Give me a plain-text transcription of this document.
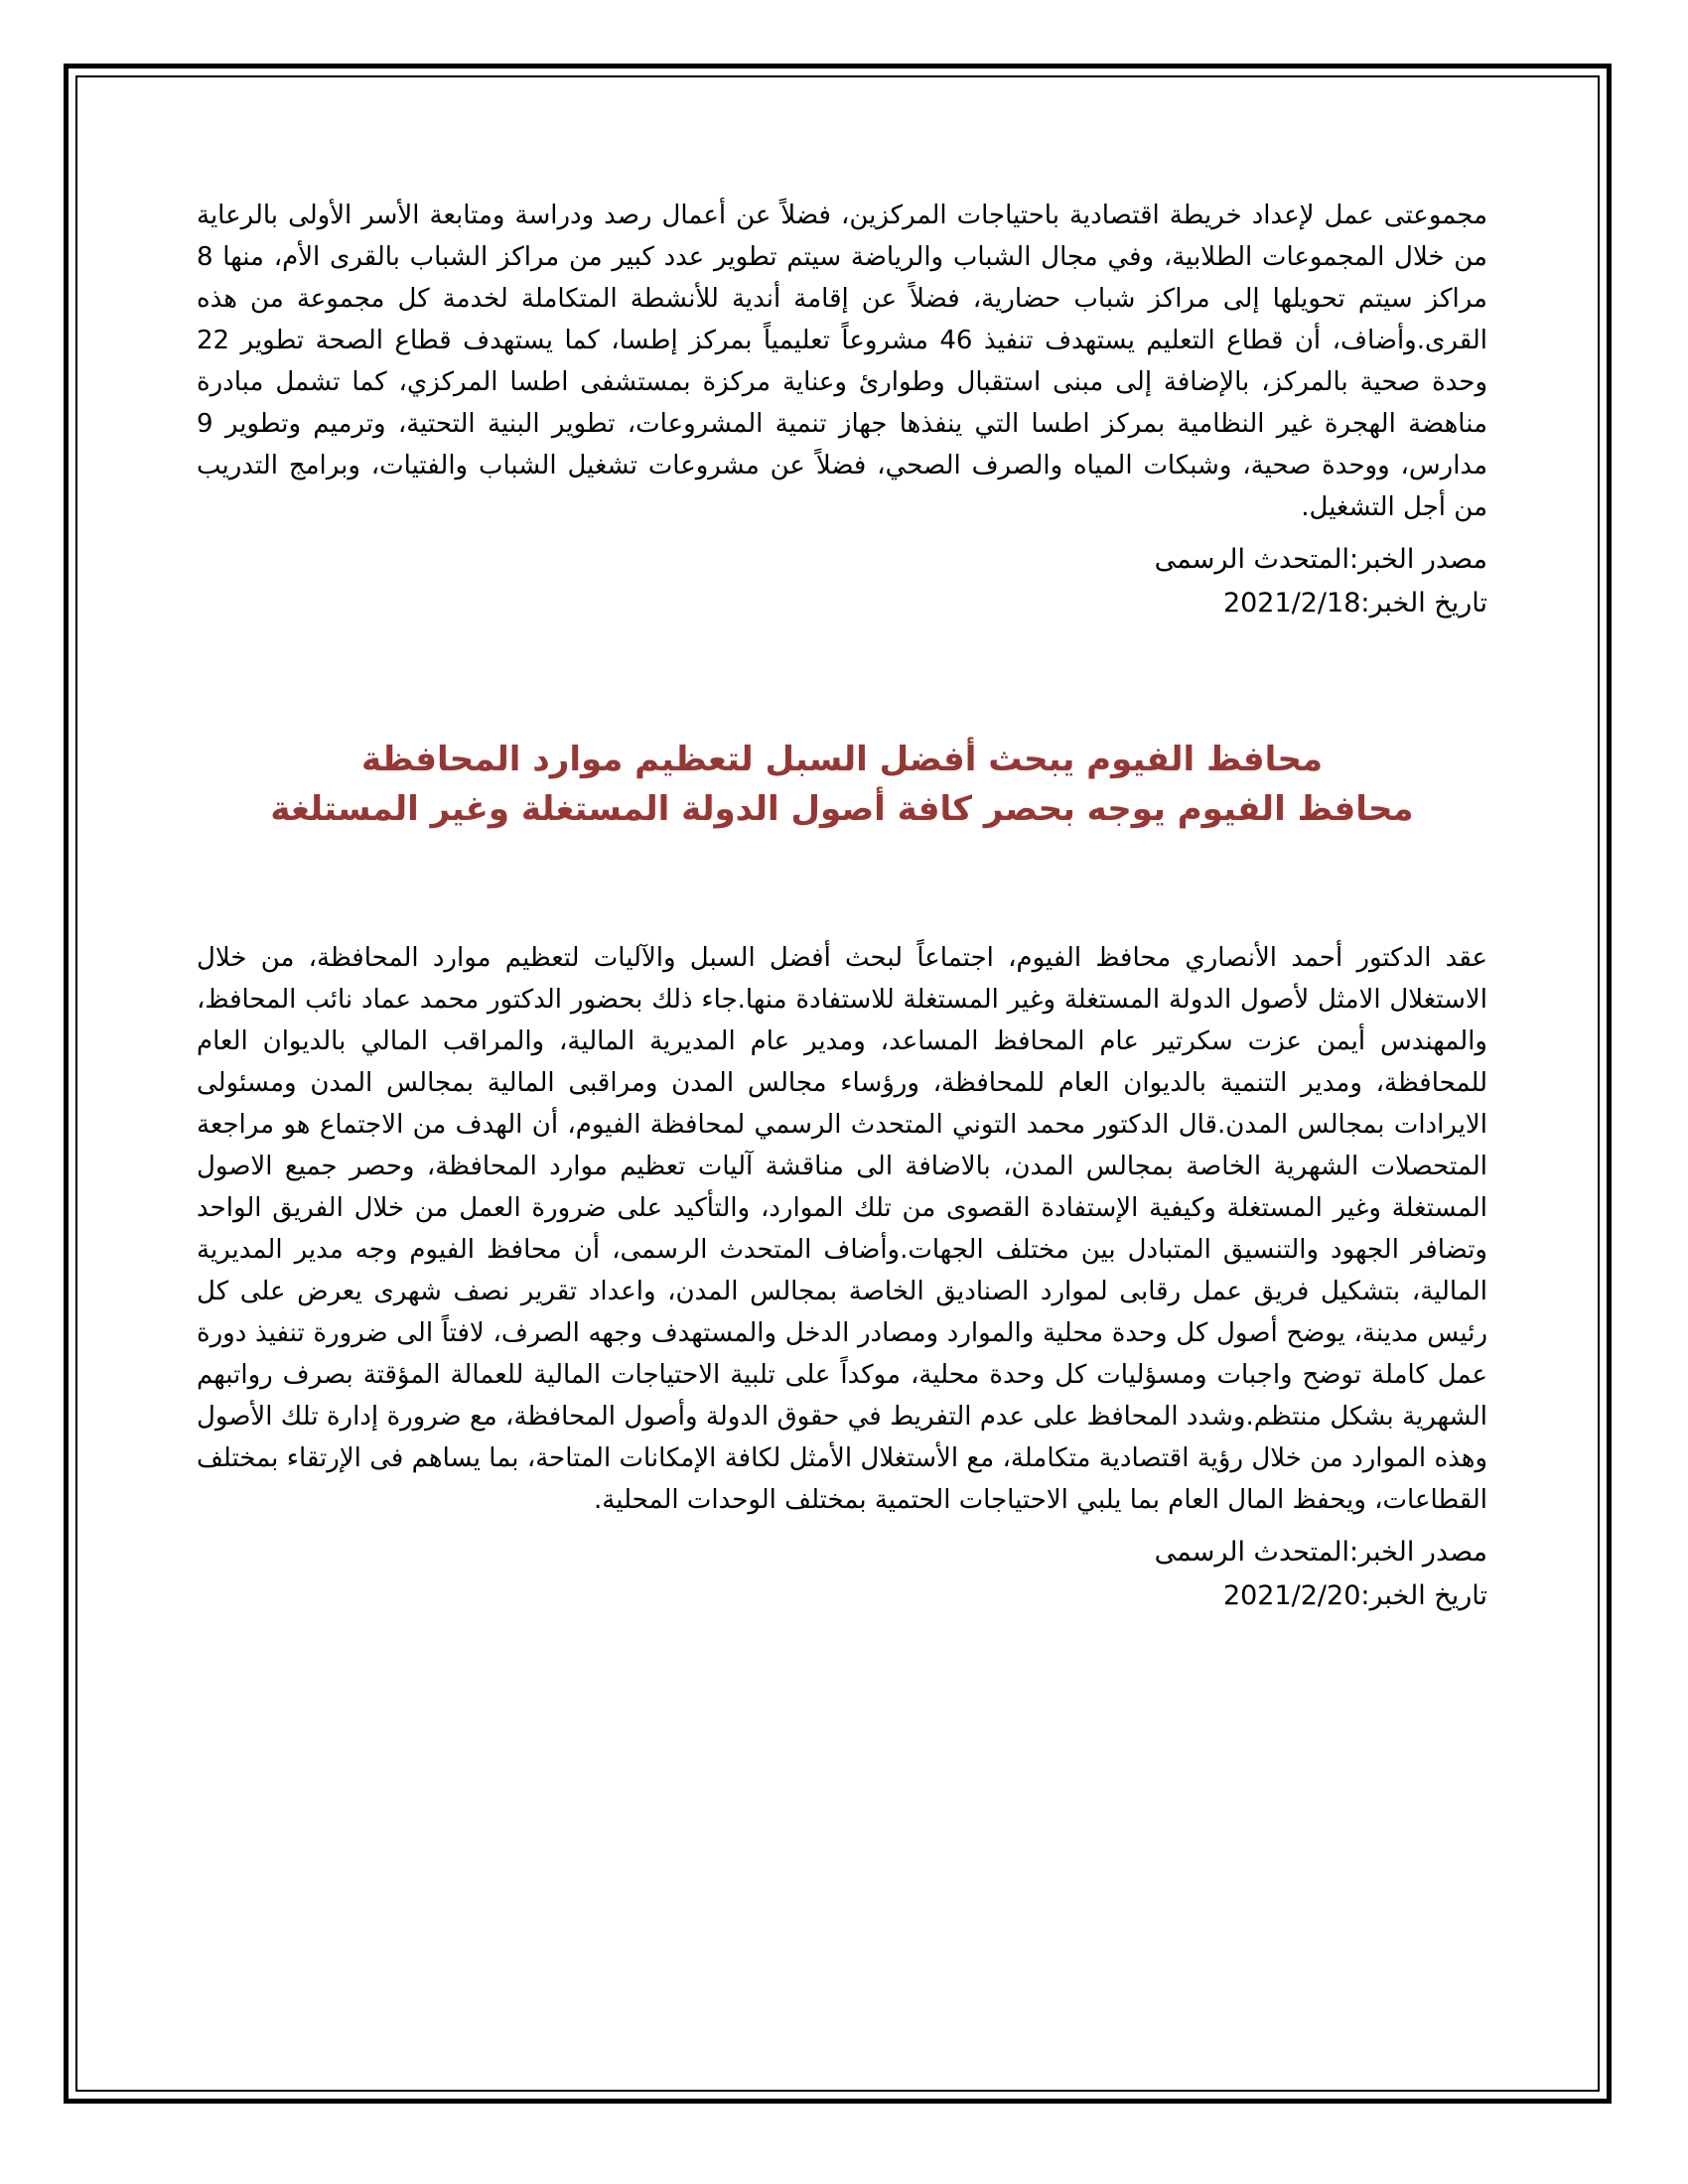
مجموعتى عمل لإعداد خريطة اقتصادية باحتياجات المركزين، فضلاً عن أعمال رصد ودراسة ومتابعة الأسر الأولى بالرعاية من خلال المجموعات الطلابية، وفي مجال الشباب والرياضة سيتم تطوير عدد كبير من مراكز الشباب بالقرى الأم، منها 8 مراكز سيتم تحويلها إلى مراكز شباب حضارية، فضلاً عن إقامة أندية للأنشطة المتكاملة لخدمة كل مجموعة من هذه القرى.وأضاف، أن قطاع التعليم يستهدف تنفيذ 46 مشروعاً تعليمياً بمركز إطسا، كما يستهدف قطاع الصحة تطوير 22 وحدة صحية بالمركز، بالإضافة إلى مبنى استقبال وطوارئ وعناية مركزة بمستشفى اطسا المركزي، كما تشمل مبادرة مناهضة الهجرة غير النظامية بمركز اطسا التي ينفذها جهاز تنمية المشروعات، تطوير البنية التحتية، وترميم وتطوير 9 مدارس، ووحدة صحية، وشبكات المياه والصرف الصحي، فضلاً عن مشروعات تشغيل الشباب والفتيات، وبرامج التدريب من أجل التشغيل.

مصدر الخبر:المتحدث الرسمى

تاريخ الخبر:2021/2/18

محافظ الفيوم يبحث أفضل السبل لتعظيم موارد المحافظة
محافظ الفيوم يوجه بحصر كافة أصول الدولة المستغلة وغير المستلغة

عقد الدكتور أحمد الأنصاري محافظ الفيوم، اجتماعاً لبحث أفضل السبل والآليات لتعظيم موارد المحافظة، من خلال الاستغلال الامثل لأصول الدولة المستغلة وغير المستغلة للاستفادة منها.جاء ذلك بحضور الدكتور محمد عماد نائب المحافظ، والمهندس أيمن عزت سكرتير عام المحافظ المساعد، ومدير عام المديرية المالية، والمراقب المالي بالديوان العام للمحافظة، ومدير التنمية بالديوان العام للمحافظة، ورؤساء مجالس المدن ومراقبى المالية بمجالس المدن ومسئولى الايرادات بمجالس المدن.قال الدكتور محمد التوني المتحدث الرسمي لمحافظة الفيوم، أن الهدف من الاجتماع هو مراجعة المتحصلات الشهرية الخاصة بمجالس المدن، بالاضافة الى مناقشة آليات تعظيم موارد المحافظة، وحصر جميع الاصول المستغلة وغير المستغلة وكيفية الإستفادة القصوى من تلك الموارد، والتأكيد على ضرورة العمل من خلال الفريق الواحد وتضافر الجهود والتنسيق المتبادل بين مختلف الجهات.وأضاف المتحدث الرسمى، أن محافظ الفيوم وجه مدير المديرية المالية، بتشكيل فريق عمل رقابى لموارد الصناديق الخاصة بمجالس المدن، واعداد تقرير نصف شهرى يعرض على كل رئيس مدينة، يوضح أصول كل وحدة محلية والموارد ومصادر الدخل والمستهدف وجهه الصرف، لافتاً الى ضرورة تنفيذ دورة عمل كاملة توضح واجبات ومسؤليات كل وحدة محلية، موكداً على تلبية الاحتياجات المالية للعمالة المؤقتة بصرف رواتبهم الشهرية بشكل منتظم.وشدد المحافظ على عدم التفريط في حقوق الدولة وأصول المحافظة، مع ضرورة إدارة تلك الأصول وهذه الموارد من خلال رؤية اقتصادية متكاملة، مع الأستغلال الأمثل لكافة الإمكانات المتاحة، بما يساهم فى الإرتقاء بمختلف القطاعات، ويحفظ المال العام بما يلبي الاحتياجات الحتمية بمختلف الوحدات المحلية.

مصدر الخبر:المتحدث الرسمى

تاريخ الخبر:2021/2/20
